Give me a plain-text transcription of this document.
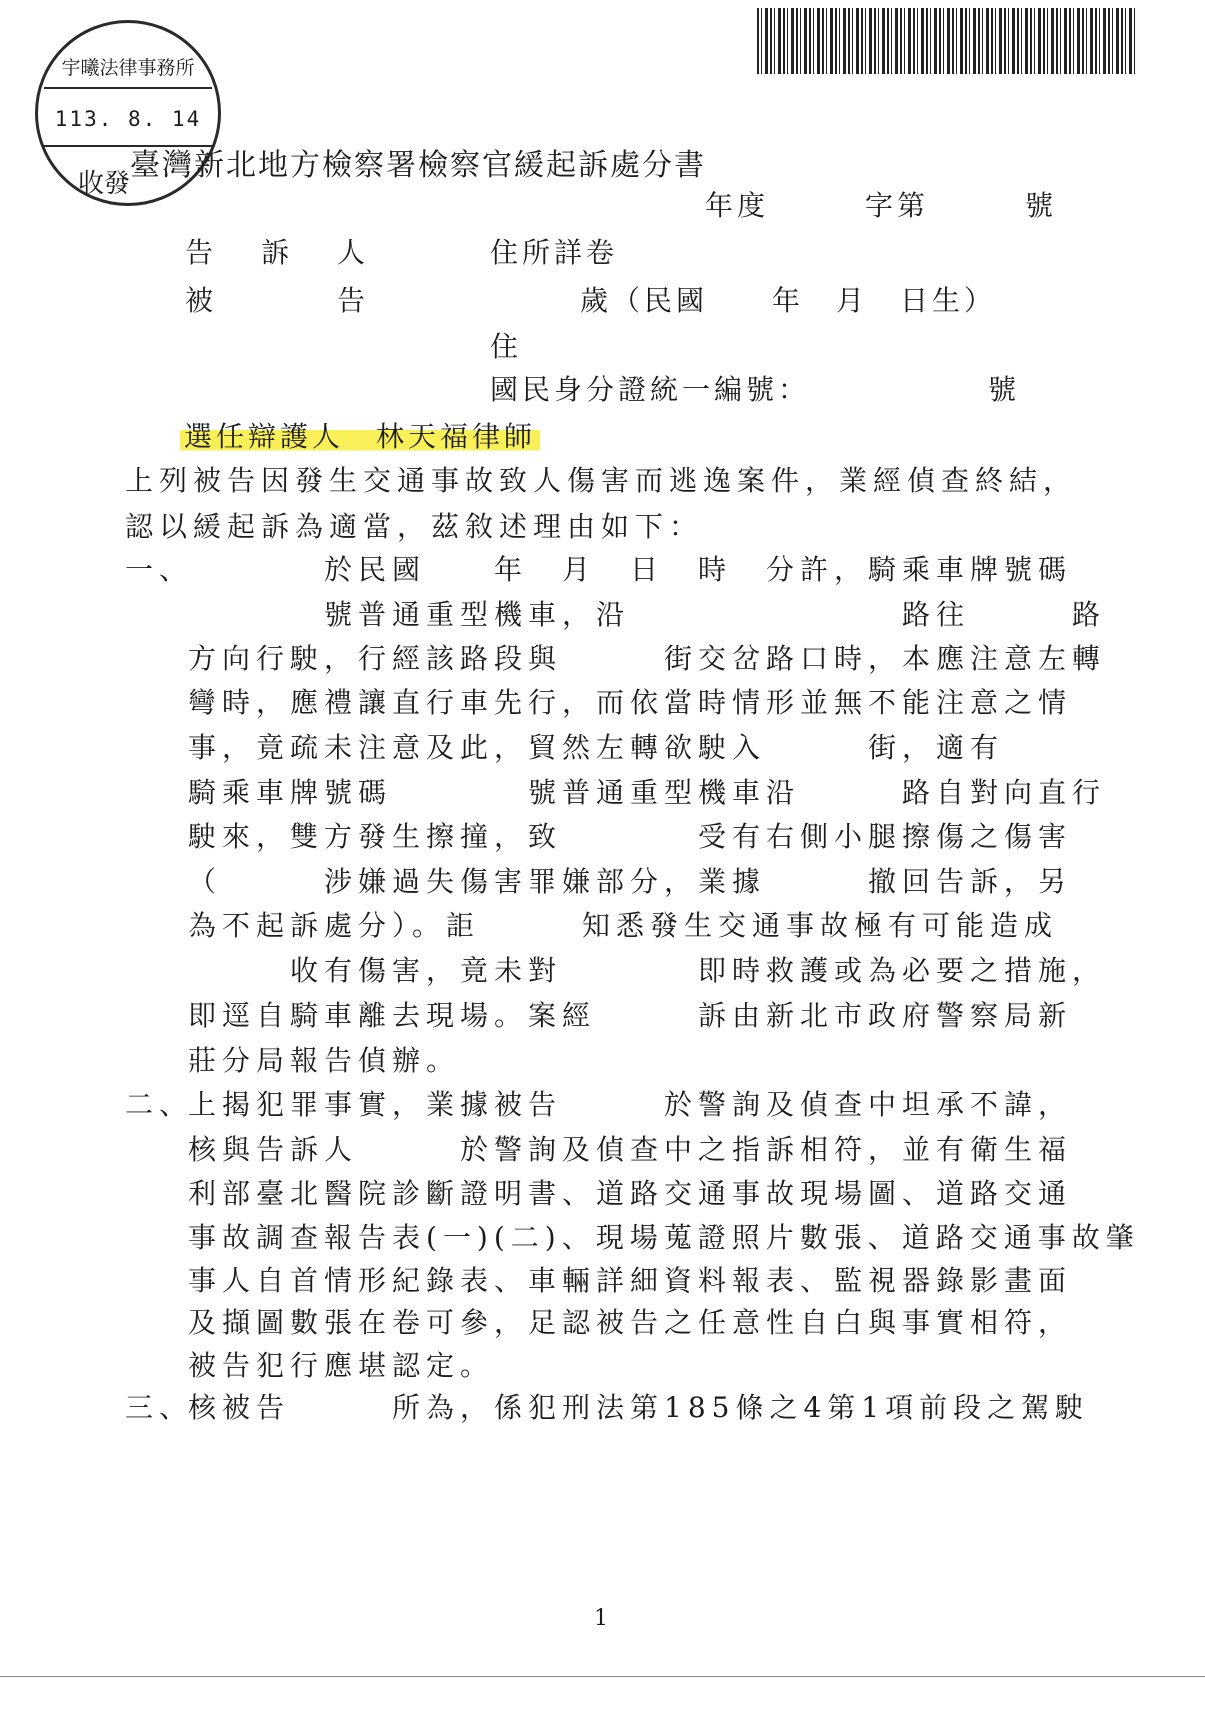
宇曦法律事務所
113. 8. 14
收發
臺灣新北地方檢察署檢察官緩起訴處分書
年度　　　字第　　　號
告　訴　人	住所詳卷
被　　　告	歲（民國　　年　月　日生）
住
國民身分證統一編號：　　　　　　號
選任辯護人　林天福律師
上列被告因發生交通事故致人傷害而逃逸案件，業經偵查終結，
認以緩起訴為適當，茲敘述理由如下：
一、
　　　　於民國　　年　月　日　時　分許，騎乘車牌號碼
　　　　號普通重型機車，沿　　　　　　　　路往　　　路
方向行駛，行經該路段與　　　街交岔路口時，本應注意左轉
彎時，應禮讓直行車先行，而依當時情形並無不能注意之情
事，竟疏未注意及此，貿然左轉欲駛入　　　街，適有　　　
騎乘車牌號碼　　　　號普通重型機車沿　　　路自對向直行
駛來，雙方發生擦撞，致　　　　受有右側小腿擦傷之傷害
（　　　涉嫌過失傷害罪嫌部分，業據　　　撤回告訴，另
為不起訴處分）。詎　　　知悉發生交通事故極有可能造成
　　　收有傷害，竟未對　　　　即時救護或為必要之措施，
即逕自騎車離去現場。案經　　　訴由新北市政府警察局新
莊分局報告偵辦。
二、
上揭犯罪事實，業據被告　　　於警詢及偵查中坦承不諱，
核與告訴人　　　於警詢及偵查中之指訴相符，並有衛生福
利部臺北醫院診斷證明書、道路交通事故現場圖、道路交通
事故調查報告表(一)(二)、現場蒐證照片數張、道路交通事故肇
事人自首情形紀錄表、車輛詳細資料報表、監視器錄影畫面
及擷圖數張在卷可參，足認被告之任意性自白與事實相符，
被告犯行應堪認定。
三、
核被告　　　所為，係犯刑法第185條之4第1項前段之駕駛
1
